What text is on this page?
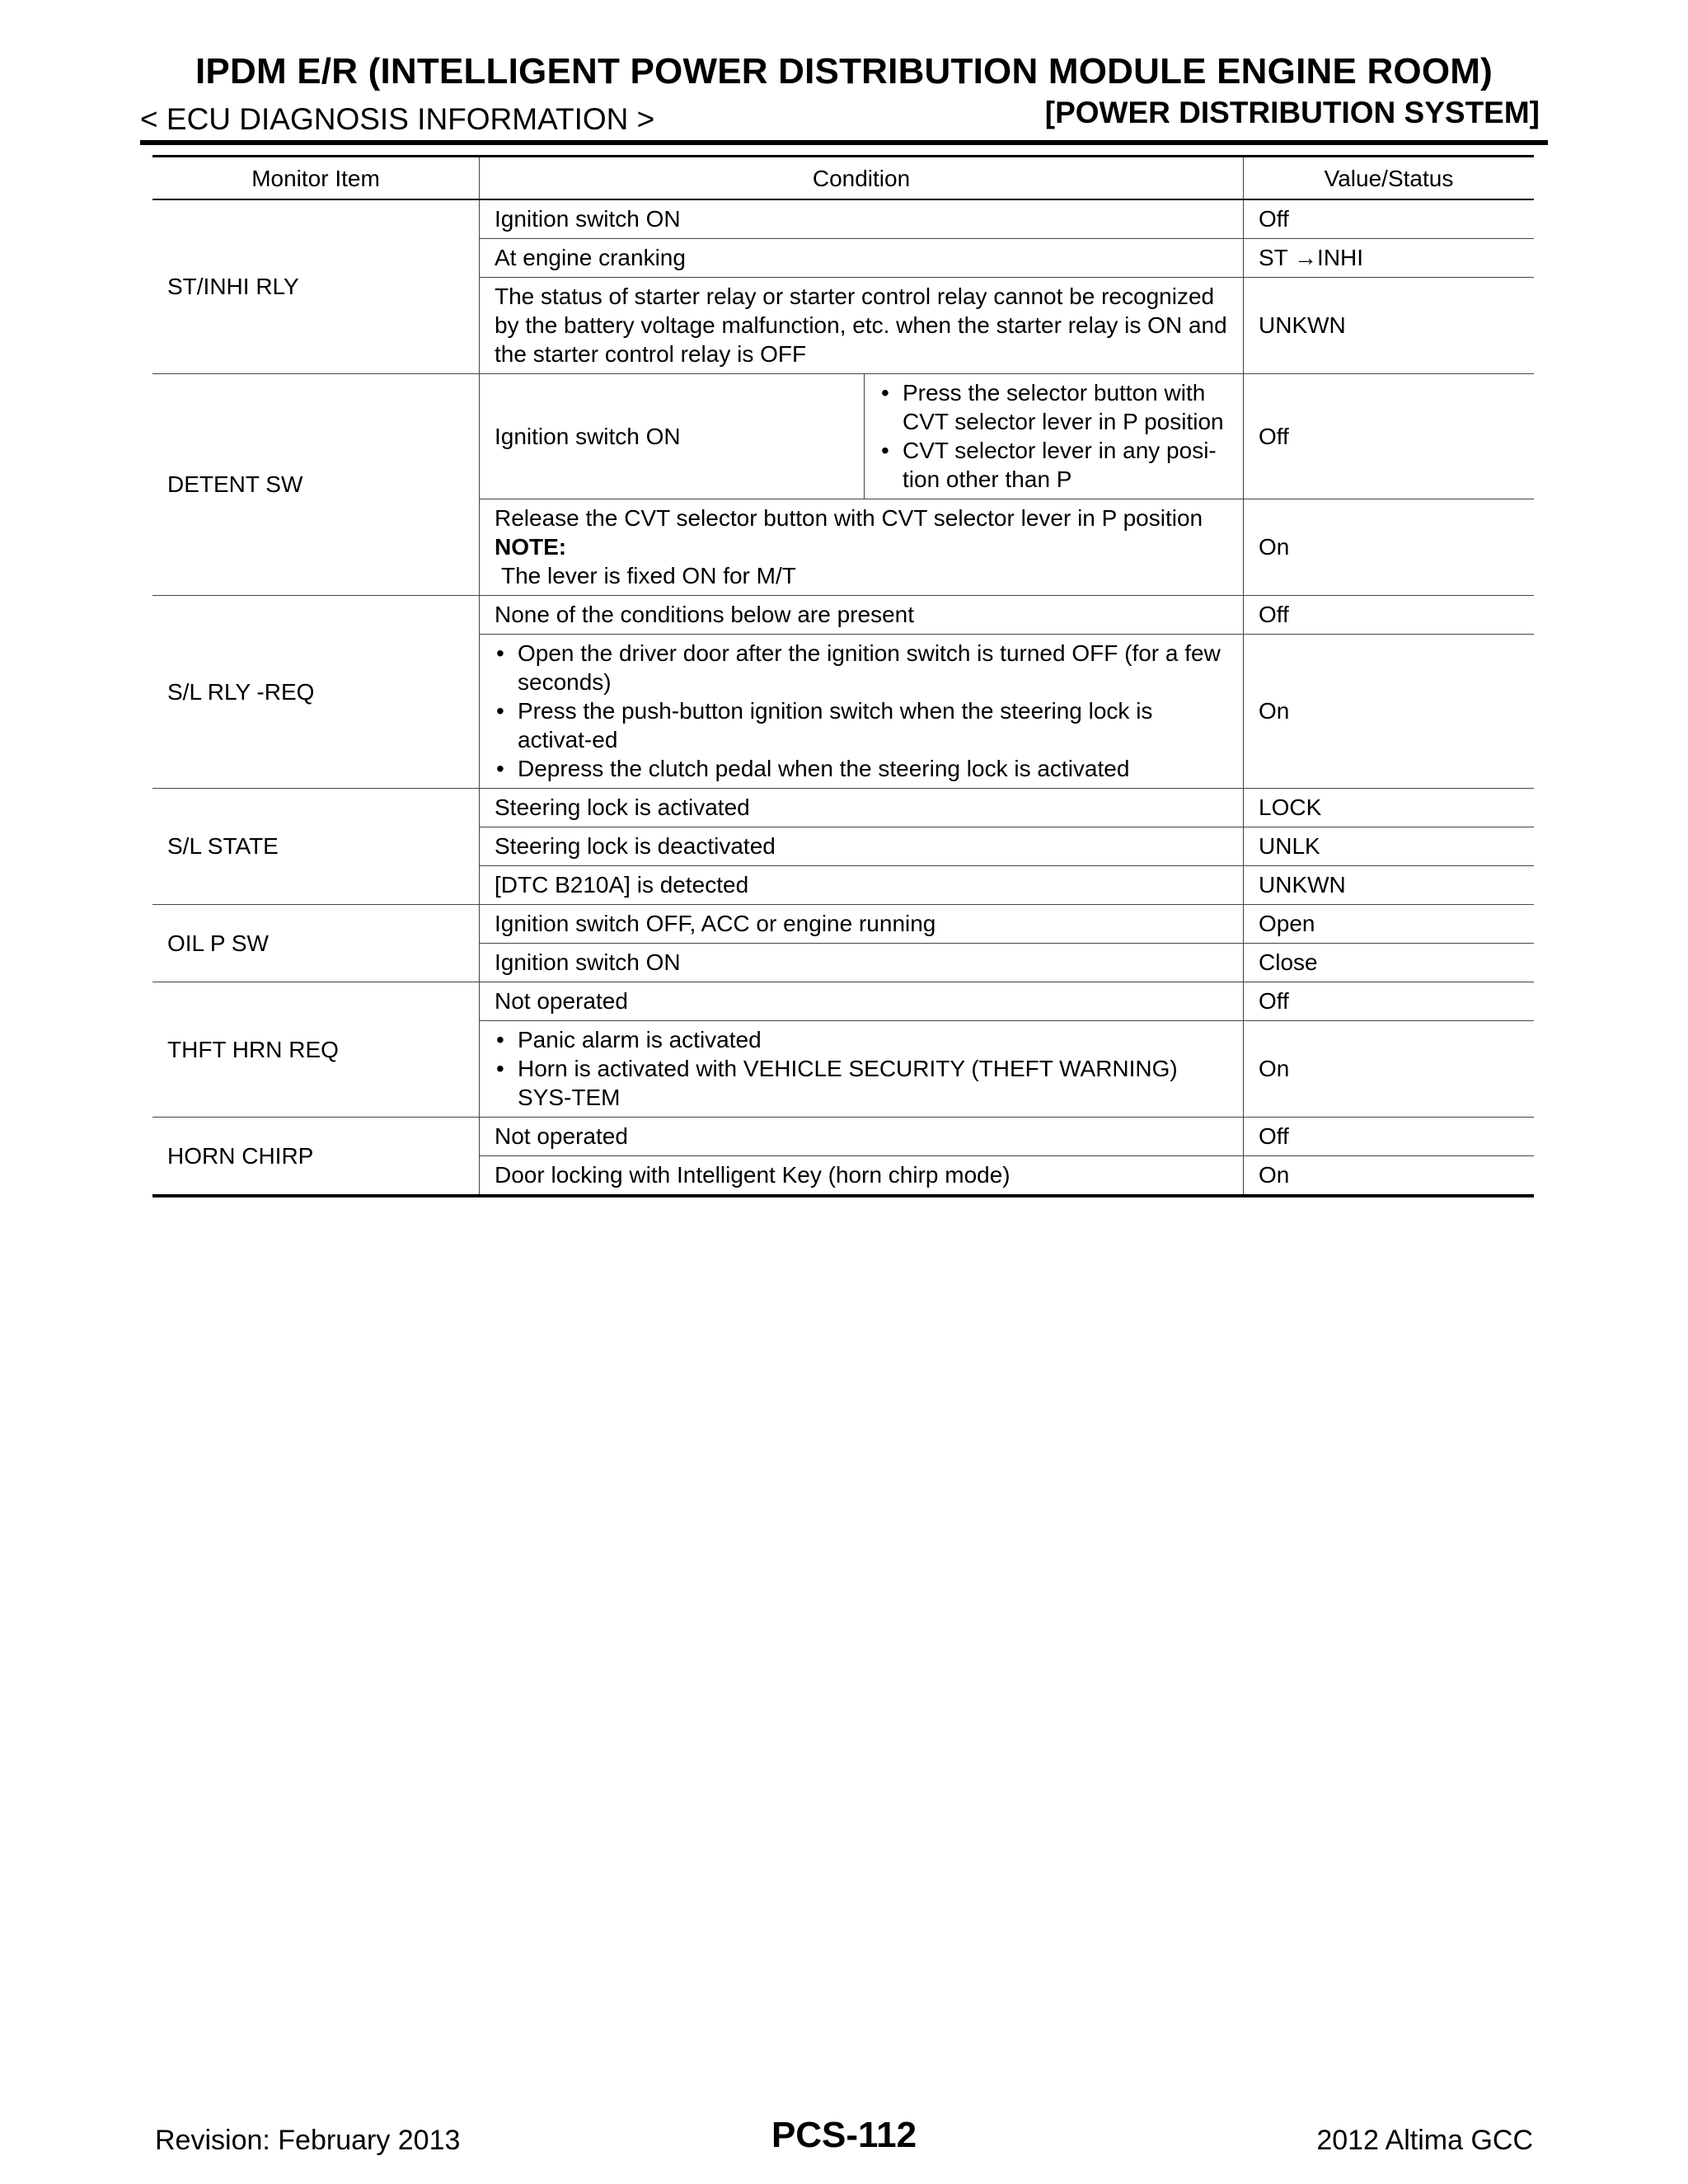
IPDM E/R (INTELLIGENT POWER DISTRIBUTION MODULE ENGINE ROOM)
< ECU DIAGNOSIS INFORMATION >	[POWER DISTRIBUTION SYSTEM]
Monitor Item	Condition		Value/Status
ST/INHI RLY	Ignition switch ON		Off
	At engine cranking		ST →INHI
	The status of starter relay or starter control relay cannot be recognized by the battery voltage malfunction, etc. when the starter relay is ON and the starter control relay is OFF		UNKWN
DETENT SW	Ignition switch ON	• Press the selector button with CVT selector lever in P position
• CVT selector lever in any posi-tion other than P	Off

	Release the CVT selector button with CVT selector lever in P position
NOTE:
The lever is fixed ON for M/T		On
S/L RLY -REQ	None of the conditions below are present		Off

	• Open the driver door after the ignition switch is turned OFF (for a few seconds)
• Press the push-button ignition switch when the steering lock is activat-ed
• Depress the clutch pedal when the steering lock is activated		On
S/L STATE	Steering lock is activated		LOCK
	Steering lock is deactivated		UNLK
	[DTC B210A] is detected		UNKWN
OIL P SW	Ignition switch OFF, ACC or engine running		Open
	Ignition switch ON		Close
THFT HRN REQ	Not operated		Off

	• Panic alarm is activated
• Horn is activated with VEHICLE SECURITY (THEFT WARNING) SYS-TEM		On
HORN CHIRP	Not operated		Off
	Door locking with Intelligent Key (horn chirp mode)		On
Revision: February 2013	PCS-112	2012 Altima GCC
